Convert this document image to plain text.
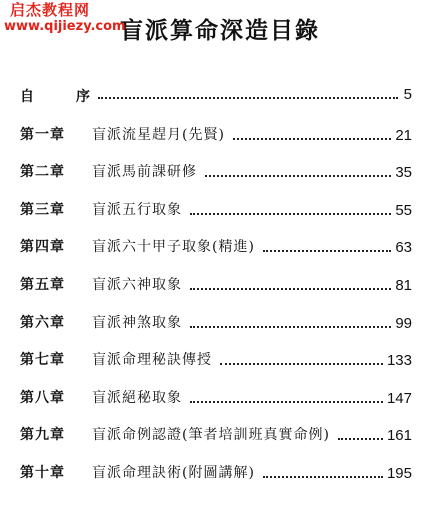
启杰教程网
www.qijiezy.com
盲派算命深造目錄
自　序	5
第一章 盲派流星趕月(先賢)	21
第二章 盲派馬前課研修	35
第三章 盲派五行取象	55
第四章 盲派六十甲子取象(精進)	63
第五章 盲派六神取象	81
第六章 盲派神煞取象	99
第七章 盲派命理秘訣傳授	133
第八章 盲派絕秘取象	147
第九章 盲派命例認證(筆者培訓班真實命例)	161
第十章 盲派命理訣術(附圖講解)	195
